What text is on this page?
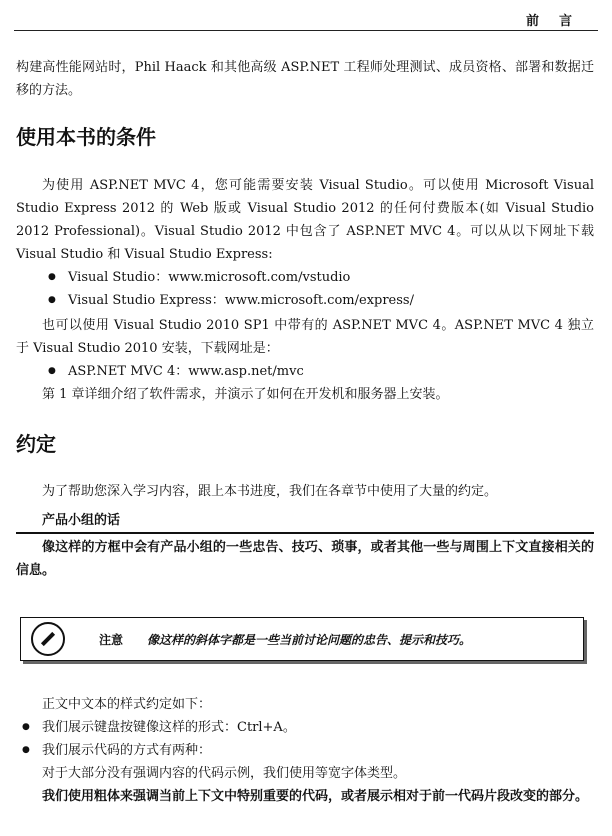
前言

构建高性能网站时，Phil Haack 和其他高级 ASP.NET 工程师处理测试、成员资格、部署和数据迁移的方法。

使用本书的条件

为使用 ASP.NET MVC 4，您可能需要安装 Visual Studio。可以使用 Microsoft Visual Studio Express 2012 的 Web 版或 Visual Studio 2012 的任何付费版本(如 Visual Studio 2012 Professional)。Visual Studio 2012 中包含了 ASP.NET MVC 4。可以从以下网址下载 Visual Studio 和 Visual Studio Express:

● Visual Studio：www.microsoft.com/vstudio
● Visual Studio Express：www.microsoft.com/express/

也可以使用 Visual Studio 2010 SP1 中带有的 ASP.NET MVC 4。ASP.NET MVC 4 独立于 Visual Studio 2010 安装，下载网址是：

● ASP.NET MVC 4：www.asp.net/mvc

第 1 章详细介绍了软件需求，并演示了如何在开发机和服务器上安装。

约定

为了帮助您深入学习内容，跟上本书进度，我们在各章节中使用了大量的约定。

产品小组的话

像这样的方框中会有产品小组的一些忠告、技巧、琐事，或者其他一些与周围上下文直接相关的信息。

注意 像这样的斜体字都是一些当前讨论问题的忠告、提示和技巧。

正文中文本的样式约定如下：

● 我们展示键盘按键像这样的形式：Ctrl+A。
● 我们展示代码的方式有两种：

对于大部分没有强调内容的代码示例，我们使用等宽字体类型。

我们使用粗体来强调当前上下文中特别重要的代码，或者展示相对于前一代码片段改变的部分。
